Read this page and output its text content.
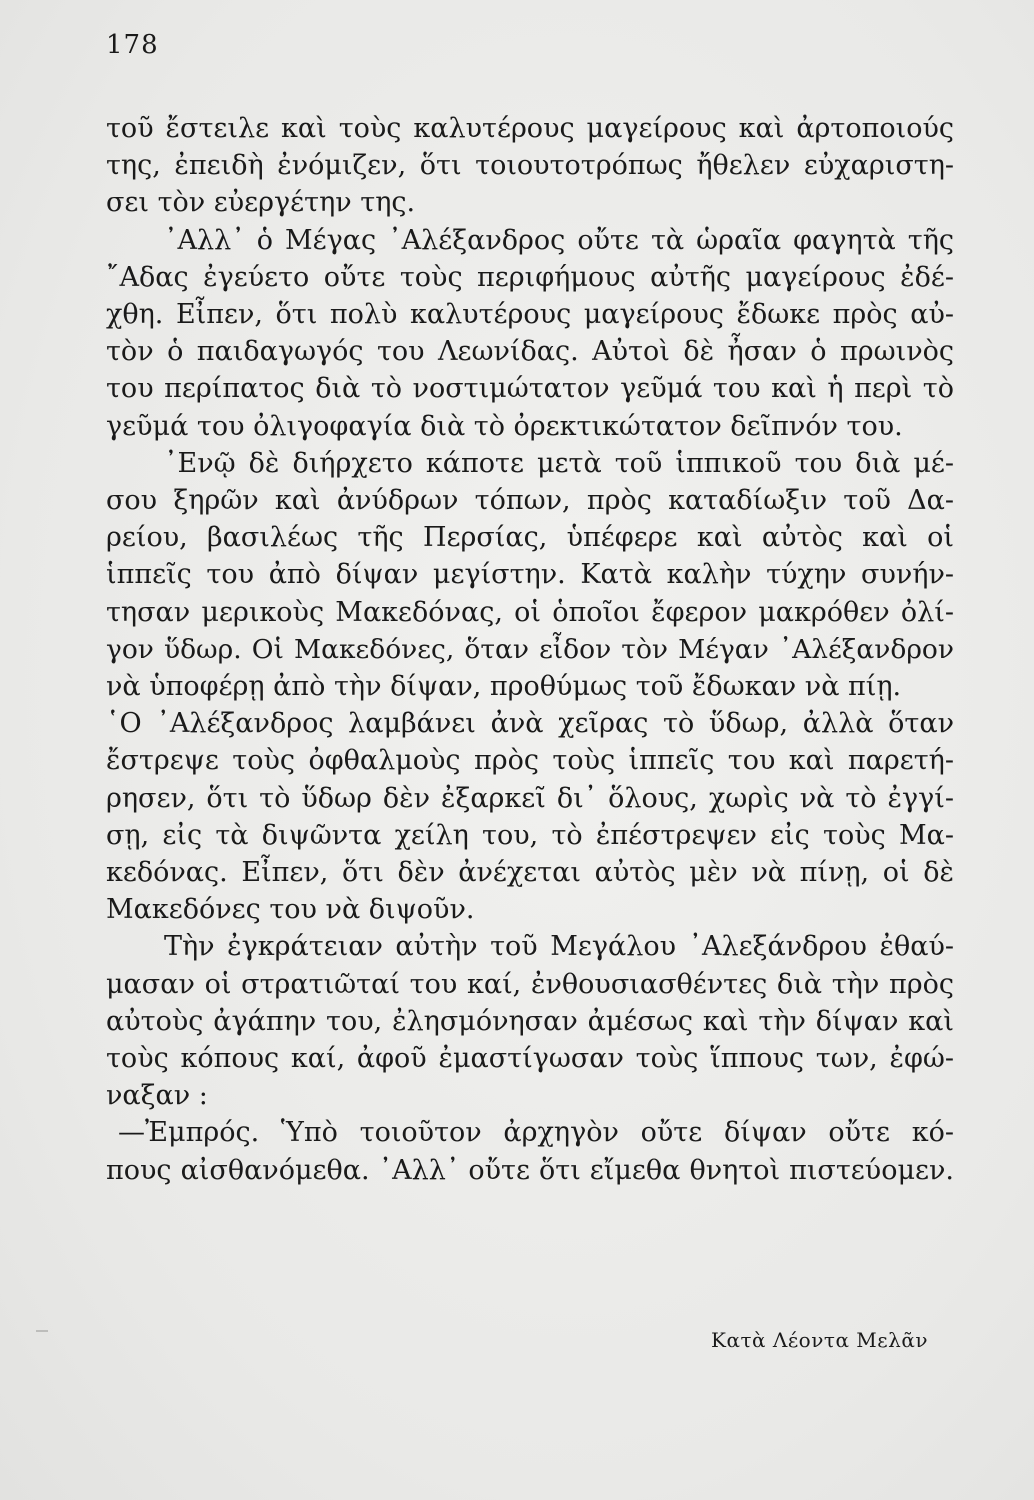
178
τοῦ ἔστειλε καὶ τοὺς καλυτέρους μαγείρους καὶ ἀρτοποιούς
της, ἐπειδὴ ἐνόμιζεν, ὅτι τοιουτοτρόπως ἤθελεν εὐχαριστη-
σει τὸν εὐεργέτην της.
᾿Αλλ᾿ ὁ Μέγας ᾿Αλέξανδρος οὔτε τὰ ὡραῖα φαγητὰ τῆς
῎Αδας ἐγεύετο οὔτε τοὺς περιφήμους αὐτῆς μαγείρους ἐδέ-
χθη. Εἶπεν, ὅτι πολὺ καλυτέρους μαγείρους ἔδωκε πρὸς αὐ-
τὸν ὁ παιδαγωγός του Λεωνίδας. Αὐτοὶ δὲ ἦσαν ὁ πρωινὸς
του περίπατος διὰ τὸ νοστιμώτατον γεῦμά του καὶ ἡ περὶ τὸ
γεῦμά του ὀλιγοφαγία διὰ τὸ ὀρεκτικώτατον δεῖπνόν του.
᾿Ενῷ δὲ διήρχετο κάποτε μετὰ τοῦ ἱππικοῦ του διὰ μέ-
σου ξηρῶν καὶ ἀνύδρων τόπων, πρὸς καταδίωξιν τοῦ Δα-
ρείου, βασιλέως τῆς Περσίας, ὑπέφερε καὶ αὐτὸς καὶ οἱ
ἱππεῖς του ἀπὸ δίψαν μεγίστην. Κατὰ καλὴν τύχην συνήν-
τησαν μερικοὺς Μακεδόνας, οἱ ὁποῖοι ἔφερον μακρόθεν ὀλί-
γον ὕδωρ. Οἱ Μακεδόνες, ὅταν εἶδον τὸν Μέγαν ᾿Αλέξανδρον
νὰ ὑποφέρῃ ἀπὸ τὴν δίψαν, προθύμως τοῦ ἔδωκαν νὰ πίῃ.
῾Ο ᾿Αλέξανδρος λαμβάνει ἀνὰ χεῖρας τὸ ὕδωρ, ἀλλὰ ὅταν
ἔστρεψε τοὺς ὀφθαλμοὺς πρὸς τοὺς ἱππεῖς του καὶ παρετή-
ρησεν, ὅτι τὸ ὕδωρ δὲν ἐξαρκεῖ δι᾿ ὅλους, χωρὶς νὰ τὸ ἐγγί-
σῃ, εἰς τὰ διψῶντα χείλη του, τὸ ἐπέστρεψεν εἰς τοὺς Μα-
κεδόνας. Εἶπεν, ὅτι δὲν ἀνέχεται αὐτὸς μὲν νὰ πίνῃ, οἱ δὲ
Μακεδόνες του νὰ διψοῦν.
Τὴν ἐγκράτειαν αὐτὴν τοῦ Μεγάλου ᾿Αλεξάνδρου ἐθαύ-
μασαν οἱ στρατιῶταί του καί, ἐνθουσιασθέντες διὰ τὴν πρὸς
αὐτοὺς ἀγάπην του, ἐλησμόνησαν ἀμέσως καὶ τὴν δίψαν καὶ
τοὺς κόπους καί, ἀφοῦ ἐμαστίγωσαν τοὺς ἵππους των, ἐφώ-
ναξαν :
—Ἐμπρός. Ὑπὸ τοιοῦτον ἀρχηγὸν οὔτε δίψαν οὔτε κό-
πους αἰσθανόμεθα. ᾿Αλλ᾿ οὔτε ὅτι εἴμεθα θνητοὶ πιστεύομεν.
Κατὰ Λέοντα Μελᾶν
